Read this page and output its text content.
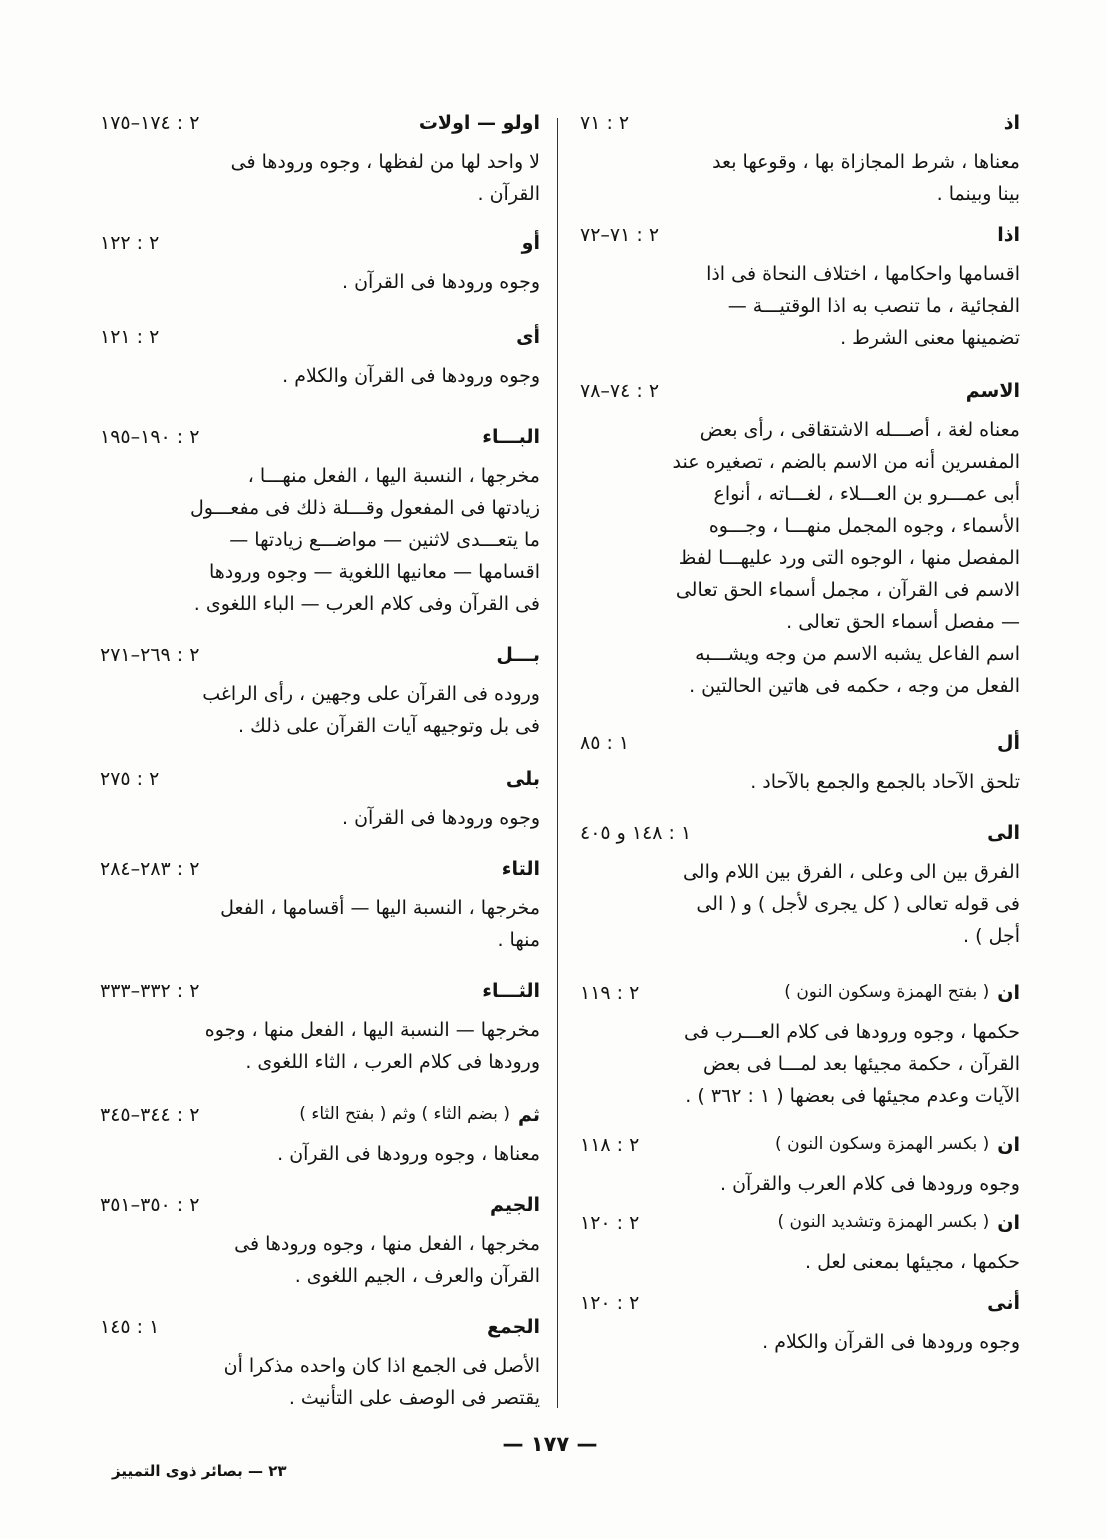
اذ
٢ : ٧١
معناها ، شرط المجازاة بها ، وقوعها بعد
بينا وبينما .
اذا
٢ : ٧١–٧٢
اقسامها واحكامها ، اختلاف النحاة فى اذا
الفجائية ، ما تنصب به اذا الوقتيـــة —
تضمينها معنى الشرط .
الاسم
٢ : ٧٤–٧٨
معناه لغة ، أصـــله الاشتقاقى ، رأى بعض
المفسرين أنه من الاسم بالضم ، تصغيره عند
أبى عمـــرو بن العـــلاء ، لغـــاته ، أنواع
الأسماء ، وجوه المجمل منهـــا ، وجـــوه
المفصل منها ، الوجوه التى ورد عليهـــا لفظ
الاسم فى القرآن ، مجمل أسماء الحق تعالى
— مفصل أسماء الحق تعالى .
اسم الفاعل يشبه الاسم من وجه ويشـــبه
الفعل من وجه ، حكمه فى هاتين الحالتين .
أل
١ : ٨٥
تلحق الآحاد بالجمع والجمع بالآحاد .
الى
١ : ١٤٨ و ٤٠٥
الفرق بين الى وعلى ، الفرق بين اللام والى
فى قوله تعالى ( كل يجرى لأجل ) و ( الى
أجل ) .
ان
( بفتح الهمزة وسكون النون )
٢ : ١١٩
حكمها ، وجوه ورودها فى كلام العـــرب فى
القرآن ، حكمة مجيئها بعد لمـــا فى بعض
الآيات وعدم مجيئها فى بعضها ( ١ : ٣٦٢ ) .
ان
( بكسر الهمزة وسكون النون )
٢ : ١١٨
وجوه ورودها فى كلام العرب والقرآن .
ان
( بكسر الهمزة وتشديد النون )
٢ : ١٢٠
حكمها ، مجيئها بمعنى لعل .
أنى
٢ : ١٢٠
وجوه ورودها فى القرآن والكلام .
اولو — اولات
٢ : ١٧٤–١٧٥
لا واحد لها من لفظها ، وجوه ورودها فى
القرآن .
أو
٢ : ١٢٢
وجوه ورودها فى القرآن .
أى
٢ : ١٢١
وجوه ورودها فى القرآن والكلام .
البـــاء
٢ : ١٩٠–١٩٥
مخرجها ، النسبة اليها ، الفعل منهـــا ،
زيادتها فى المفعول وقـــلة ذلك فى مفعـــول
ما يتعـــدى لاثنين — مواضـــع زيادتها —
اقسامها — معانيها اللغوية — وجوه ورودها
فى القرآن وفى كلام العرب — الباء اللغوى .
بـــل
٢ : ٢٦٩–٢٧١
وروده فى القرآن على وجهين ، رأى الراغب
فى بل وتوجيهه آيات القرآن على ذلك .
بلى
٢ : ٢٧٥
وجوه ورودها فى القرآن .
التاء
٢ : ٢٨٣–٢٨٤
مخرجها ، النسبة اليها — أقسامها ، الفعل
منها .
الثـــاء
٢ : ٣٣٢–٣٣٣
مخرجها — النسبة اليها ، الفعل منها ، وجوه
ورودها فى كلام العرب ، الثاء اللغوى .
ثم
( بضم الثاء ) وثم ( بفتح الثاء )
٢ : ٣٤٤–٣٤٥
معناها ، وجوه ورودها فى القرآن .
الجيم
٢ : ٣٥٠–٣٥١
مخرجها ، الفعل منها ، وجوه ورودها فى
القرآن والعرف ، الجيم اللغوى .
الجمع
١ : ١٤٥
الأصل فى الجمع اذا كان واحده مذكرا أن
يقتصر فى الوصف على التأنيث .
— ١٧٧ —
٢٣ — بصائر ذوى التمييز
